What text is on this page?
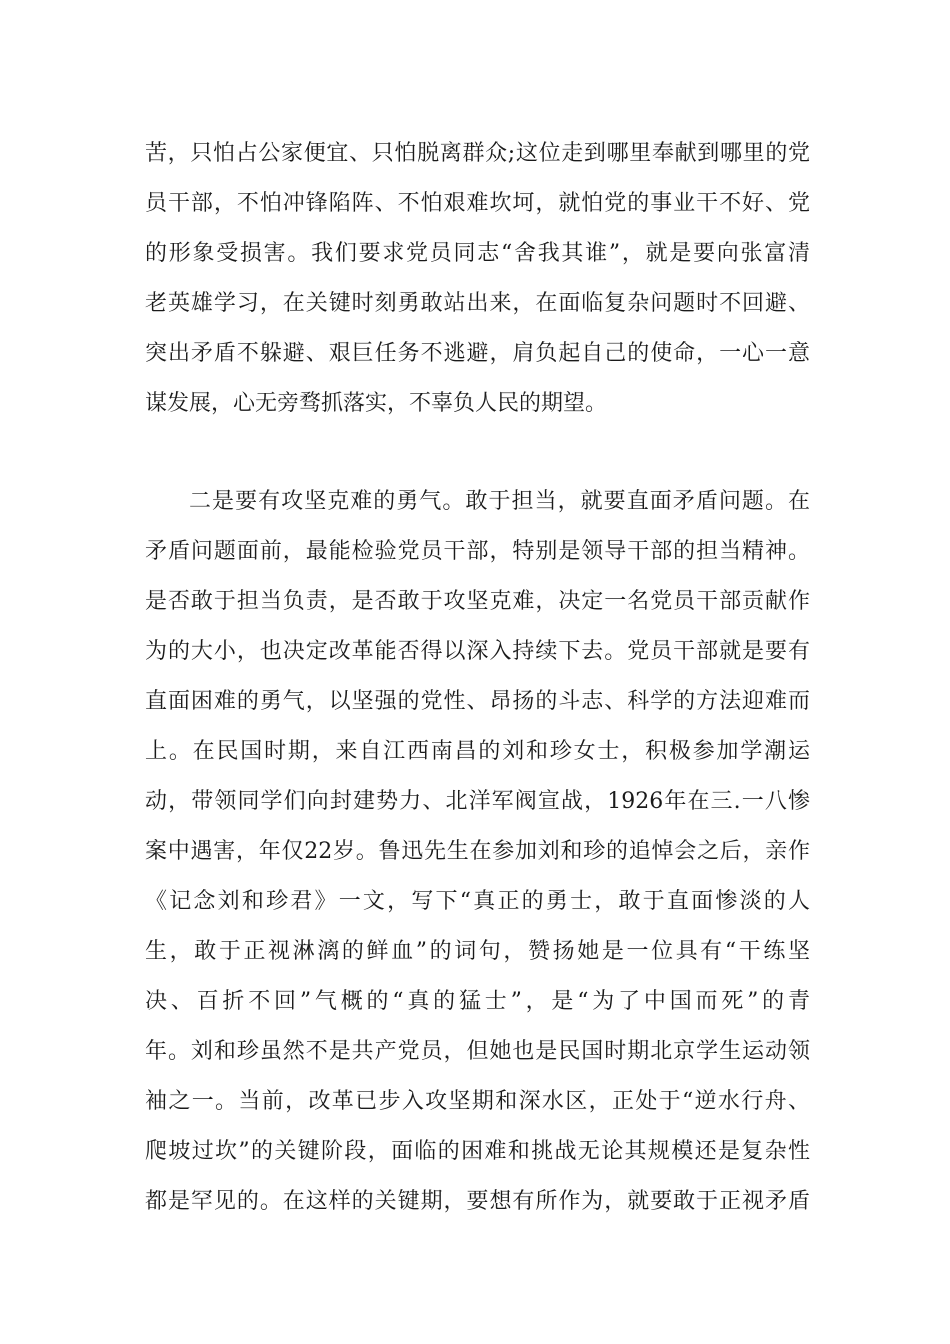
苦，只怕占公家便宜、只怕脱离群众;这位走到哪里奉献到哪里的党
员干部，不怕冲锋陷阵、不怕艰难坎坷，就怕党的事业干不好、党
的形象受损害。我们要求党员同志“舍我其谁”，就是要向张富清
老英雄学习，在关键时刻勇敢站出来，在面临复杂问题时不回避、
突出矛盾不躲避、艰巨任务不逃避，肩负起自己的使命，一心一意
谋发展，心无旁骛抓落实，不辜负人民的期望。
二是要有攻坚克难的勇气。敢于担当，就要直面矛盾问题。在
矛盾问题面前，最能检验党员干部，特别是领导干部的担当精神。
是否敢于担当负责，是否敢于攻坚克难，决定一名党员干部贡献作
为的大小，也决定改革能否得以深入持续下去。党员干部就是要有
直面困难的勇气，以坚强的党性、昂扬的斗志、科学的方法迎难而
上。在民国时期，来自江西南昌的刘和珍女士，积极参加学潮运
动，带领同学们向封建势力、北洋军阀宣战，1926年在三.一八惨
案中遇害，年仅22岁。鲁迅先生在参加刘和珍的追悼会之后，亲作
《记念刘和珍君》一文，写下“真正的勇士，敢于直面惨淡的人
生，敢于正视淋漓的鲜血”的词句，赞扬她是一位具有“干练坚
决、百折不回”气概的“真的猛士”，是“为了中国而死”的青
年。刘和珍虽然不是共产党员，但她也是民国时期北京学生运动领
袖之一。当前，改革已步入攻坚期和深水区，正处于“逆水行舟、
爬坡过坎”的关键阶段，面临的困难和挑战无论其规模还是复杂性
都是罕见的。在这样的关键期，要想有所作为，就要敢于正视矛盾
